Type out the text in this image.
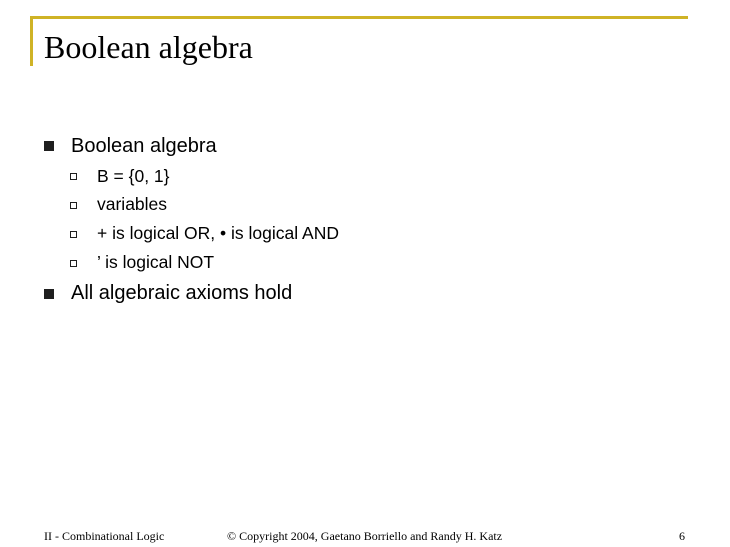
Boolean algebra
Boolean algebra
B = {0, 1}
variables
+ is logical OR, • is logical AND
’ is logical NOT
All algebraic axioms hold
II - Combinational Logic	© Copyright 2004, Gaetano Borriello and Randy H. Katz	6
